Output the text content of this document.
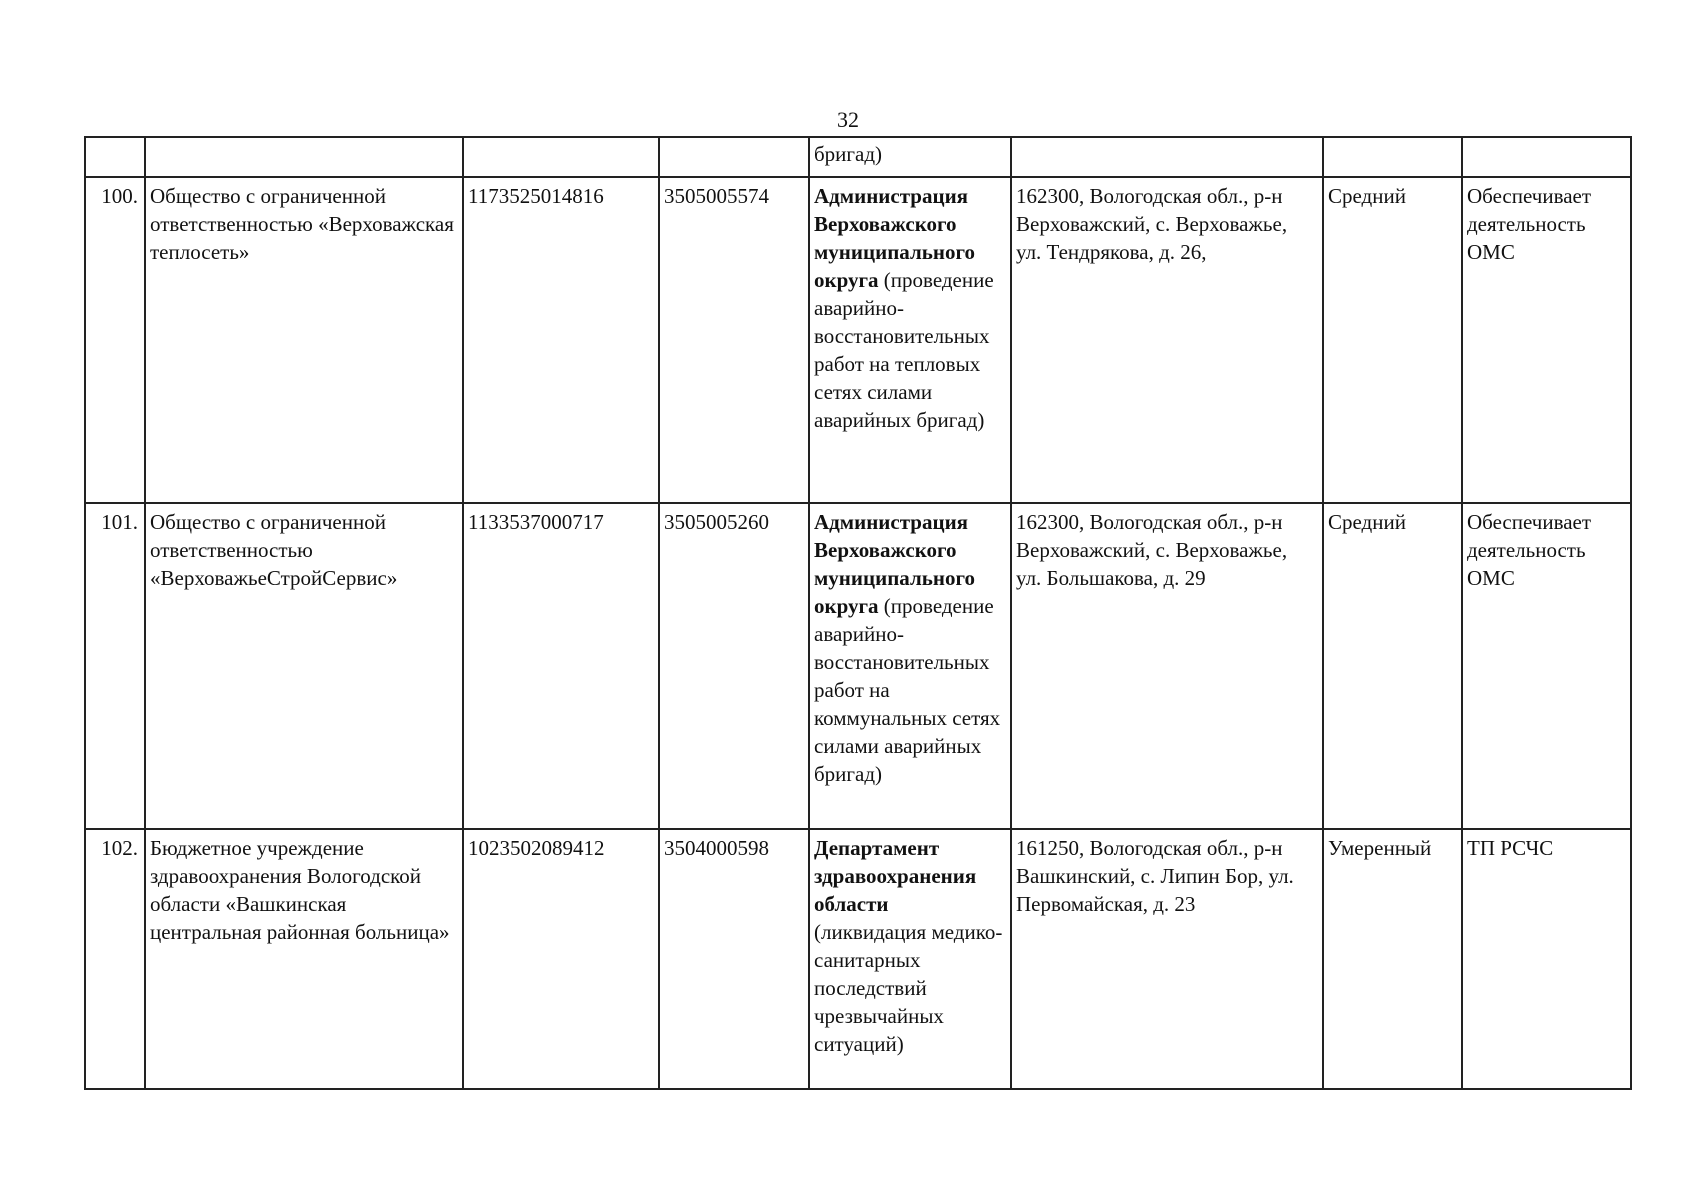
32
				бригад)			
100.	Общество с ограниченной ответственностью «Верховажская теплосеть»	1173525014816	3505005574	Администрация Верховажского муниципального округа (проведение аварийно-восстановительных работ на тепловых сетях силами аварийных бригад)	162300, Вологодская обл., р-н Верховажский, с. Верховажье, ул. Тендрякова, д. 26,	Средний	Обеспечивает деятельность ОМС
101.	Общество с ограниченной ответственностью «ВерховажьеСтройСервис»	1133537000717	3505005260	Администрация Верховажского муниципального округа (проведение аварийно-восстановительных работ на коммунальных сетях силами аварийных бригад)	162300, Вологодская обл., р-н Верховажский, с. Верховажье, ул. Большакова, д. 29	Средний	Обеспечивает деятельность ОМС
102.	Бюджетное учреждение здравоохранения Вологодской области «Вашкинская центральная районная больница»	1023502089412	3504000598	Департамент здравоохранения области (ликвидация медико-санитарных последствий чрезвычайных ситуаций)	161250, Вологодская обл., р-н Вашкинский, с. Липин Бор, ул. Первомайская, д. 23	Умеренный	ТП РСЧС
